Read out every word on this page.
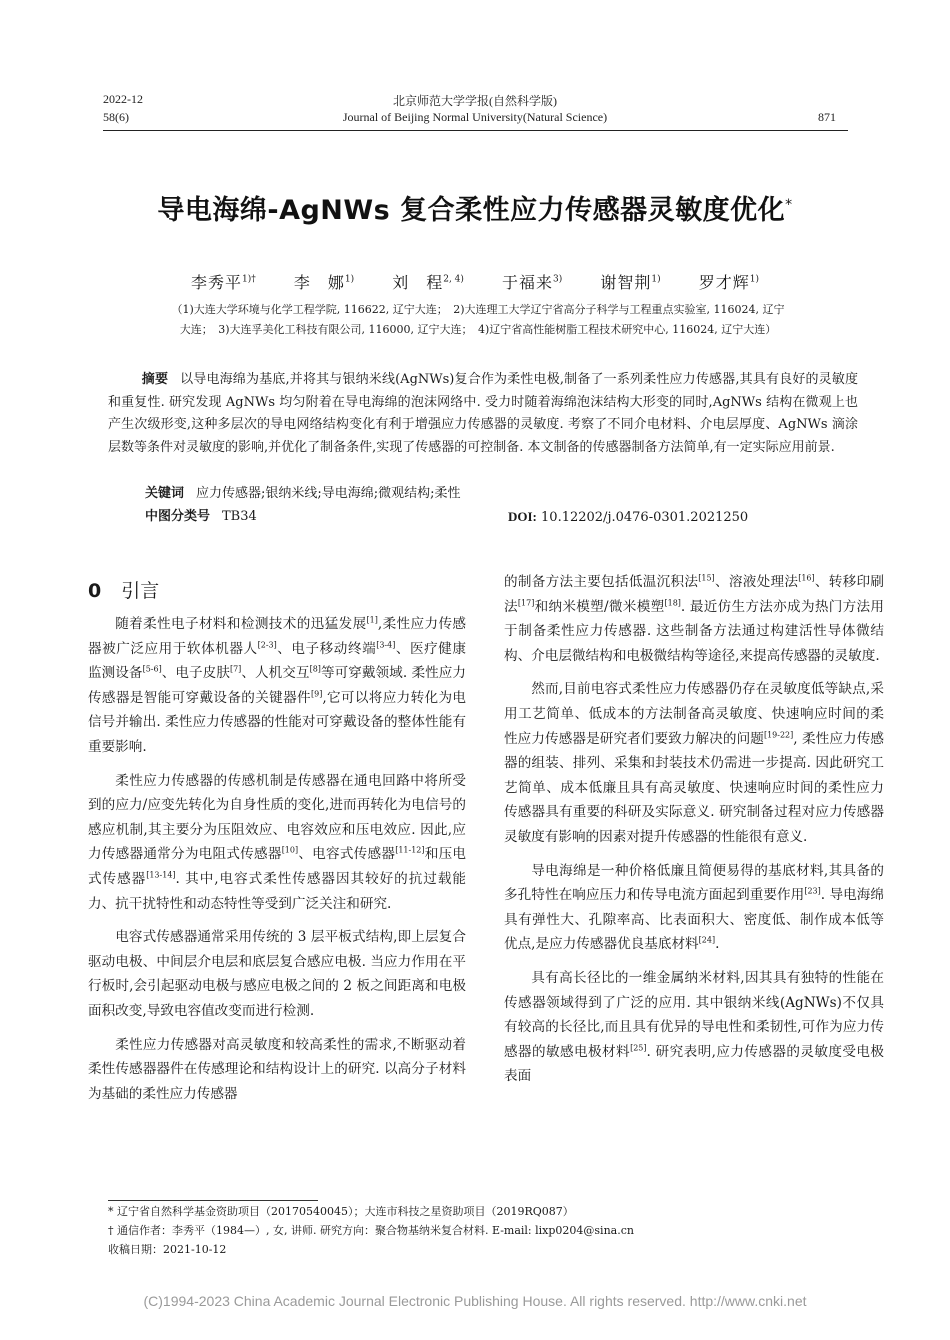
2022-12
58(6)
北京师范大学学报(自然科学版)
Journal of Beijing Normal University(Natural Science)	871
导电海绵-AgNWs 复合柔性应力传感器灵敏度优化*
李秀平$^{1)\dagger}$ 李　娜$^{1)}$ 刘　程$^{2, 4)}$ 于福来$^{3)}$ 谢智荆$^{1)}$ 罗才辉$^{1)}$
（1)大连大学环境与化学工程学院, 116622, 辽宁大连；　2)大连理工大学辽宁省高分子科学与工程重点实验室, 116024, 辽宁
大连；　3)大连孚美化工科技有限公司, 116000, 辽宁大连；　4)辽宁省高性能树脂工程技术研究中心, 116024, 辽宁大连）
摘要 以导电海绵为基底,并将其与银纳米线(AgNWs)复合作为柔性电极,制备了一系列柔性应力传感器,其具有良好的灵敏度和重复性. 研究发现 AgNWs 均匀附着在导电海绵的泡沫网络中. 受力时随着海绵泡沫结构大形变的同时,AgNWs 结构在微观上也产生次级形变,这种多层次的导电网络结构变化有利于增强应力传感器的灵敏度. 考察了不同介电材料、介电层厚度、AgNWs 滴涂层数等条件对灵敏度的影响,并优化了制备条件,实现了传感器的可控制备. 本文制备的传感器制备方法简单,有一定实际应用前景.
关键词 应力传感器;银纳米线;导电海绵;微观结构;柔性
中图分类号 TB34	DOI: 10.12202/j.0476-0301.2021250
0 引言

随着柔性电子材料和检测技术的迅猛发展[1],柔性应力传感器被广泛应用于软体机器人[2-3]、电子移动终端[3-4]、医疗健康监测设备[5-6]、电子皮肤[7]、人机交互[8]等可穿戴领域. 柔性应力传感器是智能可穿戴设备的关键器件[9],它可以将应力转化为电信号并输出. 柔性应力传感器的性能对可穿戴设备的整体性能有重要影响.

柔性应力传感器的传感机制是传感器在通电回路中将所受到的应力/应变先转化为自身性质的变化,进而再转化为电信号的感应机制,其主要分为压阻效应、电容效应和压电效应. 因此,应力传感器通常分为电阻式传感器[10]、电容式传感器[11-12]和压电式传感器[13-14]. 其中,电容式柔性传感器因其较好的抗过载能力、抗干扰特性和动态特性等受到广泛关注和研究.

电容式传感器通常采用传统的 3 层平板式结构,即上层复合驱动电极、中间层介电层和底层复合感应电极. 当应力作用在平行板时,会引起驱动电极与感应电极之间的 2 板之间距离和电极面积改变,导致电容值改变而进行检测.

柔性应力传感器对高灵敏度和较高柔性的需求,不断驱动着柔性传感器器件在传感理论和结构设计上的研究. 以高分子材料为基础的柔性应力传感器

的制备方法主要包括低温沉积法[15]、溶液处理法[16]、转移印刷法[17]和纳米模塑/微米模塑[18]. 最近仿生方法亦成为热门方法用于制备柔性应力传感器. 这些制备方法通过构建活性导体微结构、介电层微结构和电极微结构等途径,来提高传感器的灵敏度.

然而,目前电容式柔性应力传感器仍存在灵敏度低等缺点,采用工艺简单、低成本的方法制备高灵敏度、快速响应时间的柔性应力传感器是研究者们要致力解决的问题[19-22], 柔性应力传感器的组装、排列、采集和封装技术仍需进一步提高. 因此研究工艺简单、成本低廉且具有高灵敏度、快速响应时间的柔性应力传感器具有重要的科研及实际意义. 研究制备过程对应力传感器灵敏度有影响的因素对提升传感器的性能很有意义.

导电海绵是一种价格低廉且简便易得的基底材料,其具备的多孔特性在响应压力和传导电流方面起到重要作用[23]. 导电海绵具有弹性大、孔隙率高、比表面积大、密度低、制作成本低等优点,是应力传感器优良基底材料[24].

具有高长径比的一维金属纳米材料,因其具有独特的性能在传感器领域得到了广泛的应用. 其中银纳米线(AgNWs)不仅具有较高的长径比,而且具有优异的导电性和柔韧性,可作为应力传感器的敏感电极材料[25]. 研究表明,应力传感器的灵敏度受电极表面

* 辽宁省自然科学基金资助项目（20170540045）；大连市科技之星资助项目（2019RQ087）
† 通信作者：李秀平（1984—）, 女, 讲师. 研究方向：聚合物基纳米复合材料. E-mail: lixp0204@sina.cn
收稿日期：2021-10-12
(C)1994-2023 China Academic Journal Electronic Publishing House. All rights reserved. http://www.cnki.net
